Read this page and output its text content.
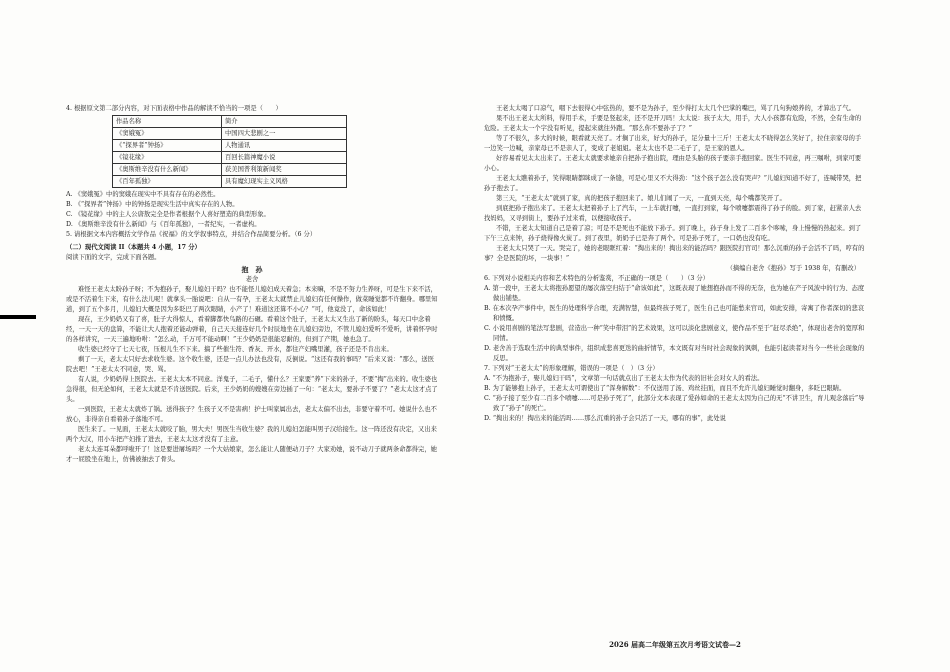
4. 根据原文第二部分内容，对下面表格中作品的解读不恰当的一项是（　　）

作品名称	简介
《窦娥冤》	中国四大悲剧之一
《“探界者”钟扬》	人物通讯
《镜花缘》	百回长篇神魔小说
《奥斯维辛没有什么新闻》	获美国普利策新闻奖
《百年孤独》	具有魔幻现实主义风格

A. 《窦娥冤》中的窦娥在现实中不具有存在的必然性。

B. 《“探界者”钟扬》中的钟扬是现实生活中真实存在的人物。

C. 《镜花缘》中的主人公唐敖完全是作者根据个人喜好塑造的典型形象。

D. 《奥斯维辛没有什么新闻》与《百年孤独》，一者纪实，一者虚构。

5. 请根据文本内容概括文学作品《祝福》的文学叙事特点，并结合作品简要分析。（6 分）

（二）现代文阅读 II（本题共 4 小题，17 分）

阅读下面的文字，完成下面各题。

抱　孙

老舍

难怪王老太太盼孙子呀；不为抱孙子，娶儿媳妇干吗？也不能怪儿媳妇成天着急；本来嘛，不是不努力生养呀，可是生下来不活，或是不活着生下来，有什么法儿呢！就拿头一胎说吧：自从一有孕，王老太太就禁止儿媳妇有任何操作，做菜睡觉都不许翻身。哪里知道，到了五个多月，儿媳妇大概是因为多眨巴了两次眼睛，小产了！难道这还算不小心？“可，他竟没了，命该如此！

现在，王少奶奶又有了喜，肚子大得惊人，看着脚都快鸟路的石碾。看着这个肚子，王老太太又生出了新的盼头，每天口中念着经，一天一天的盘算，不能让大人抱着还能动弹着，自己天天接连好几个时辰地坐在儿媳妇旁边，不管儿媳妇爱听不爱听，讲着怀孕时的各样讲究，一天三遍地吩咐：“怎么动，千万可不能动啊！”王少奶奶是很能忍耐的，但到了产期，她也急了。

收生婆已经守了七天七夜，压根儿生不下来。搞了些催生符、香灰、开水，都往产妇嘴里灌，孩子还是不肯出来。

剩了一天，老太太只好去求收生婆。这个收生婆，还是一点儿办法也没有，反倒说。“这还有我的事吗？”后来又说：“那么，送医院去吧！”王老太太不同意，哭、骂。

有人说，少奶奶得上医院去。王老太太本不同意。洋鬼子，二毛子，懂什么？王家要“养”下来的孙子，不要“掏”出来的。收生婆也急得很，但无论如何，王老太太就是不肯送医院。后来，王少奶奶的嫂嫂在旁边插了一句：“老太太，要孙子不要了？”老太太这才点了头。

一到医院，王老太太就炸了锅。送得孩子？生孩子又不是害病！护士叫家属出去，老太太偏不出去，非要守着不可。她说什么也不放心，非得亲自看着孙子落地不可。

医生来了。一见面，王老太太就咬了胎，男大夫！男医生当收生婆？我的儿媳妇怎能叫男子汉给接生。这一阵还没有决定，又出来两个大汉，用小车把产妇推了进去，王老太太这才没有了主意。

老太太连耳朵都呼啦开了！这是要进屠场吗？一个大姑娘家，怎么能让人随便动刀子？大家劝她，说不动刀子就两条命都得完，她才一屁股坐在地上，仿佛被抽去了骨头。

王老太太喝了口凉气，咽下去很得心中弦热的，要不是为孙子，至少得打太太几个巴掌的嘴巴，骂了几句狗娘养的，才算出了气。

果不出王老太太所料，得用手术，手要是竖起来，还不是开刀吗！太太说：孩子太大，用手，大人小孩都有危险，不然，全有生命的危险。王老太太一个字没有听见，提起来就往外跑。“那么你不要孙子了？”

等了不很久，多大的时候，眼看就天亮了。才搁了出来，好大的孙子，足分量十三斤！王老太太不晓得怎么笑好了，拉住亲家母的手一边笑一边喊，亲家母已不是亲人了，变成了老姐姐。老太太也不是二毛子了，是王家的恩人。

好容易看见太太出来了。王老太太就要求她亲自把孙子抱出院，理由是头胎的孩子要亲手抱回家。医生不同意，再三嘱咐，到家可要小心。

王老太太瞧着孙子，笑得眼睛都眯成了一条缝，可是心里又不大得劲：“这个孩子怎么没有哭声？”儿媳妇知道不好了，连喊带哭，把孙子抱去了。

第三天，“王老太太”就到了家，真的把孩子抱回来了。娘儿们闹了一天，一直到天亮，每个嘴都笑开了。

到底把孙子抱出来了。王老太太把着孙子上了汽车，一上车就打嚏，一直打到家，每个喷嚏都震得了孙子的脸。到了家，赶紧亲人去找妈妈，又寻到街上，要孙子过来看，以便接收孩子。

不错，王老太太知道自己是着了凉；可是不是死也不能放下孙子。到了晚上，孙子身上发了二百多个哆嗦，身上慢慢的热起来。到了下午三点来钟，孙子烧得像火炭了。到了夜里，奶奶子已是奔了两个。可是孙子死了，一口奶也没有吃。

王老太太只哭了一天。哭完了，她的老眼眶红着：“掏出来的！掏出来的能活吗？跟医院打官司！那么沉重的孙子会活不了吗，哼有的事？全是医院的坏，一块事！”

（摘编自老舍《抱孙》写于 1938 年，有删改）

6. 下列对小说相关内容和艺术特色的分析鉴赏，不正确的一项是（　　）（3 分）

A. 第一段中，王老太太将抱孙愿望的屡次落空归结于“命该如此”，这既表现了她想抱孙而不得的无奈，也为她在产子风波中的行为、态度做出铺垫。

B. 在本次孕产事件中，医生的处理科学合理，充满智慧，但最终孩子死了，医生自己也可能愁来官司，如此安排，寄寓了作者深切的悲哀和愤慨。

C. 小说用喜剧的笔法写悲剧，营造出一种“笑中带泪”的艺术效果，这可以淡化悲剧意义，使作品不至于“赶尽杀绝”，体现出老舍的宽厚和同情。

D. 老舍善于选取生活中的典型事件，组织成悲喜更迭的曲折情节，本文既有对当时社会现象的讽刺，也能引起读者对当今一些社会现象的反思。

7. 下列对“王老太太”的形象理解，错误的一项是（　）（3 分）

A. “不为抱孙子，娶儿媳妇干吗”，文章第一句话就点出了王老太太作为代表的旧社会对女人的看法。

B. 为了能够抱上孙子，王老太太可谓使出了“浑身解数”：不仅送用了汤、鸡丝挂面，而且不允许儿媳妇睡觉时翻身，多眨巴眼睛。

C. “孙子接了至少有二百多个喷嚏……可是孙子死了”，此部分文本表现了爱孙如命的王老太太因为自己的无“不讲卫生，育儿观念落后”导致了“孙子”的死亡。

D. “掏出来的！掏出来的能活吗……那么沉重的孙子会只活了一天，哪有的事”，此处说

2026 届高二年级第五次月考语文试卷—2
